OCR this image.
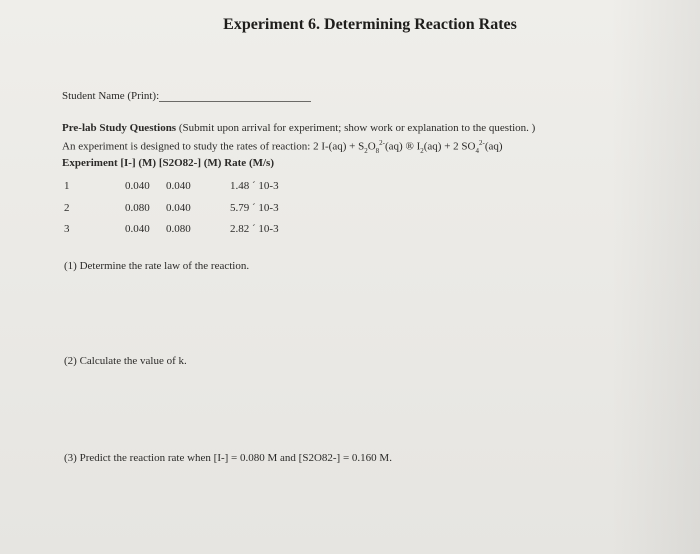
Experiment 6. Determining Reaction Rates
Student Name (Print):
Pre-lab Study Questions (Submit upon arrival for experiment; show work or explanation to the question. )
An experiment is designed to study the rates of reaction: 2 $I-(aq) + S_2O_8^{2-}(aq)$ ® $I_2(aq) + 2$ $SO_4^{2-}(aq)$
Experiment [I-] (M) [S2O82-] (M) Rate (M/s)
1	0.040 0.040	1.48 ´ 10-3
2	0.080 0.040	5.79 ´ 10-3
3	0.040 0.080	2.82 ´ 10-3
(1) Determine the rate law of the reaction.
(2) Calculate the value of k.
(3) Predict the reaction rate when [I-] = 0.080 M and [S2O82-] = 0.160 M.
